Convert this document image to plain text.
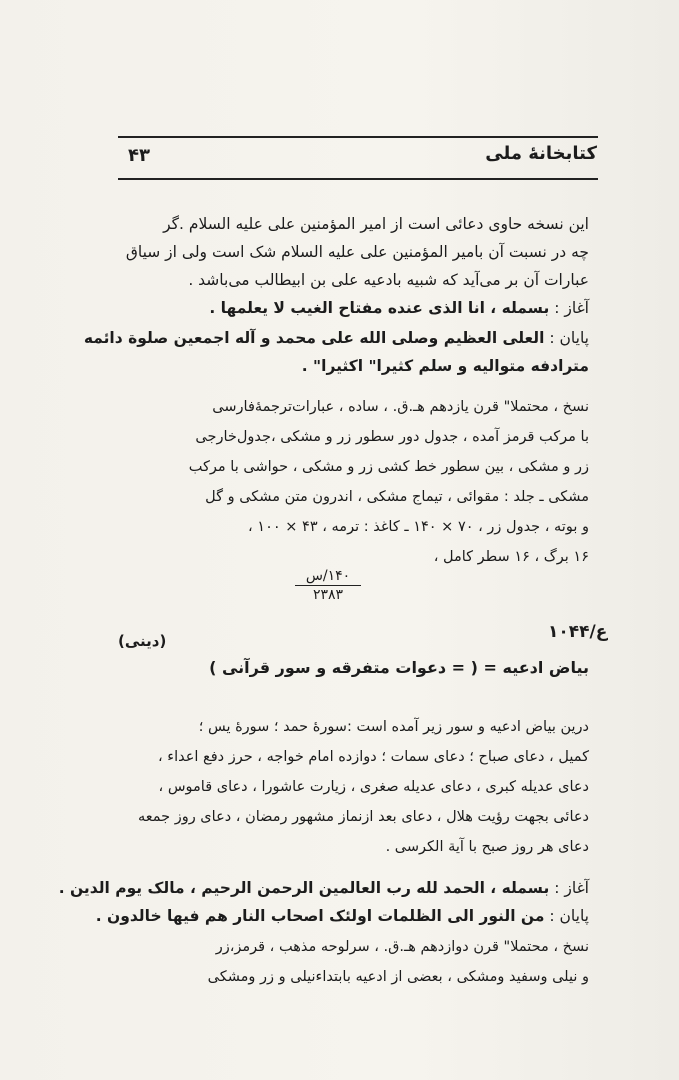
کتابخانهٔ ملی
۴۳
این نسخه حاوی دعائی است از امیر المؤمنین علی علیه السلام .گر
چه در نسبت آن بامیر المؤمنین علی علیه السلام شک است ولی از سیاق
عبارات آن بر می‌آید که شبیه بادعیه علی بن ابیطالب می‌باشد .
آغاز : بسمله ، انا الذی عنده مفتاح الغیب لا یعلمها .
پایان : العلی العظیم وصلی الله علی محمد و آله اجمعین صلوة دائمه
مترادفه متوالیه و سلم کثیرا" اکثیرا" .
نسخ ، محتملا" قرن یازدهم هـ.ق. ، ساده ، عبارات‌ترجمه‌ٔفارسی
با مرکب قرمز آمده ، جدول دور سطور زر و مشکی ،جدول‌خارجی
زر و مشکی ، بین سطور خط کشی زر و مشکی ، حواشی با مرکب
مشکی ـ جلد : مقوائی ، تیماج مشکی ، اندرون متن مشکی و گل
و بوته ، جدول زر ، ۷۰ × ۱۴۰ ـ کاغذ : ترمه ، ۴۳ × ۱۰۰ ،
۱۶ برگ ، ۱۶ سطر کامل ،
۱۴۰/س
۲۳۸۳
۱۰۴۴/ع
(دینی)
بیاض ادعیه = ( = دعوات متفرقه و سور قرآنی )
درین بیاض ادعیه و سور زیر آمده است :سورهٔ حمد ؛ سورهٔ یس ؛
کمیل ، دعای صباح ؛ دعای سمات ؛ دوازده امام خواجه ، حرز دفع اعداء ،
دعای عدیله کبری ، دعای عدیله صغری ، زیارت عاشورا ، دعای قاموس ،
دعائی بجهت رؤیت هلال ، دعای بعد ازنماز مشهور رمضان ، دعای روز جمعه
دعای هر روز صبح با آیة الکرسی .
آغاز : بسمله ، الحمد لله رب العالمین الرحمن الرحیم ، مالک یوم الدین .
پایان : من النور الی الظلمات اولئک اصحاب النار هم فیها خالدون .
نسخ ، محتملا" قرن دوازدهم هـ.ق. ، سرلوحه مذهب ، قرمز،زر
و نیلی وسفید ومشکی ، بعضی از ادعیه بابتداءنیلی و زر ومشکی
